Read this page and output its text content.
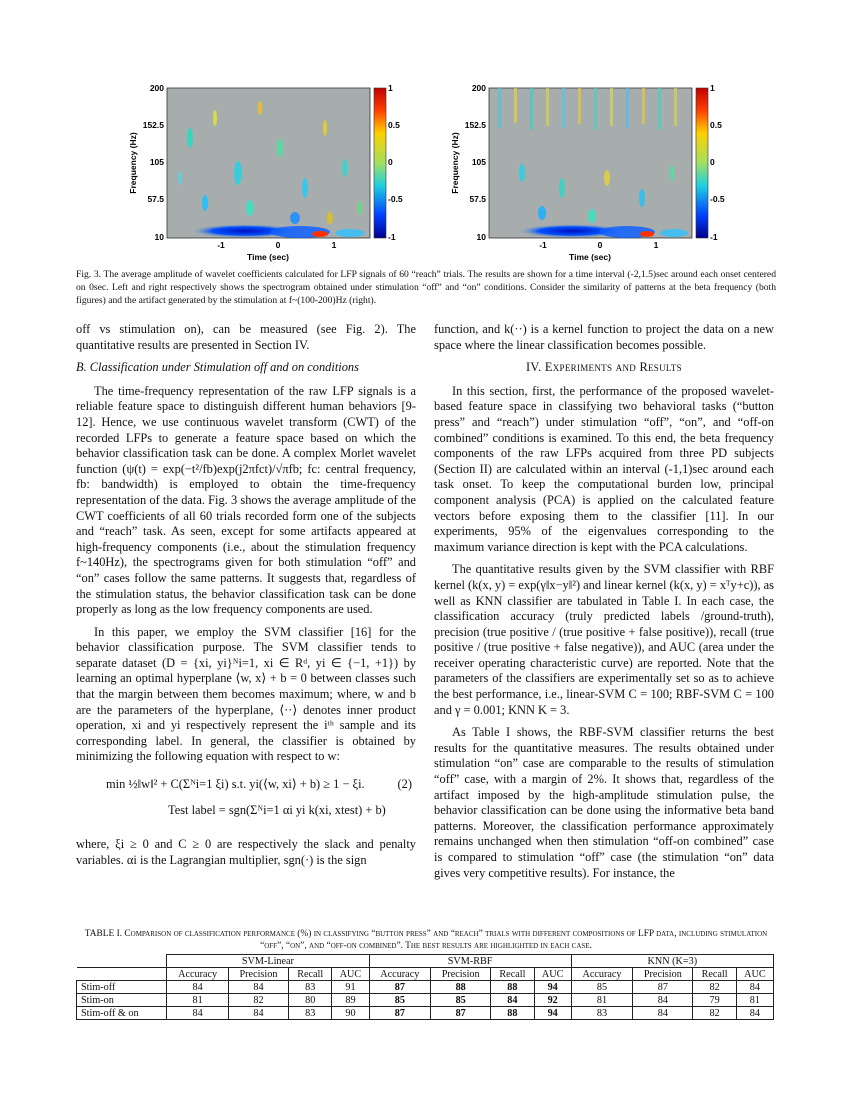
200
152.5
105
57.5
10
-1	0	1
Time (sec)
Frequency (Hz)
1
0.5
0
-0.5
-1
200
152.5
105
57.5
10
-1	0	1
Time (sec)
Frequency (Hz)
1
0.5
0
-0.5
-1
Fig. 3. The average amplitude of wavelet coefficients calculated for LFP signals of 60 “reach” trials. The results are shown for a time interval (-2,1.5)sec around each onset centered on 0sec. Left and right respectively shows the spectrogram obtained under stimulation “off” and “on” conditions. Consider the similarity of patterns at the beta frequency (both figures) and the artifact generated by the stimulation at f~(100-200)Hz (right).

off vs stimulation on), can be measured (see Fig. 2). The quantitative results are presented in Section IV.

B. Classification under Stimulation off and on conditions

The time-frequency representation of the raw LFP signals is a reliable feature space to distinguish different human behaviors [9-12]. Hence, we use continuous wavelet transform (CWT) of the recorded LFPs to generate a feature space based on which the behavior classification task can be done. A complex Morlet wavelet function (ψ(t) = exp(−t²/fb)exp(j2πfct)/√πfb; fc: central frequency, fb: bandwidth) is employed to obtain the time-frequency representation of the data. Fig. 3 shows the average amplitude of the CWT coefficients of all 60 trials recorded form one of the subjects and “reach” task. As seen, except for some artifacts appeared at high-frequency components (i.e., about the stimulation frequency f~140Hz), the spectrograms given for both stimulation “off” and “on” cases follow the same patterns. It suggests that, regardless of the stimulation status, the behavior classification task can be done properly as long as the low frequency components are used.

In this paper, we employ the SVM classifier [16] for the behavior classification purpose. The SVM classifier tends to separate dataset (D = {xi, yi}ᴺi=1, xi ∈ Rᵈ, yi ∈ {−1, +1}) by learning an optimal hyperplane ⟨w, x⟩ + b = 0 between classes such that the margin between them becomes maximum; where, w and b are the parameters of the hyperplane, ⟨··⟩ denotes inner product operation, xi and yi respectively represent the iᵗʰ sample and its corresponding label. In general, the classifier is obtained by minimizing the following equation with respect to w:

min ½‖w‖² + C(Σᴺi=1 ξi) s.t. yi(⟨w, xi⟩ + b) ≥ 1 − ξi.	(2)
Test label = sgn(Σᴺi=1 αi yi k(xi, xtest) + b)

where, ξi ≥ 0 and C ≥ 0 are respectively the slack and penalty variables. αi is the Lagrangian multiplier, sgn(·) is the sign

function, and k(··) is a kernel function to project the data on a new space where the linear classification becomes possible.

IV. Experiments and Results

In this section, first, the performance of the proposed wavelet-based feature space in classifying two behavioral tasks (“button press” and “reach”) under stimulation “off”, “on”, and “off-on combined” conditions is examined. To this end, the beta frequency components of the raw LFPs acquired from three PD subjects (Section II) are calculated within an interval (-1,1)sec around each task onset. To keep the computational burden low, principal component analysis (PCA) is applied on the calculated feature vectors before exposing them to the classifier [11]. In our experiments, 95% of the eigenvalues corresponding to the maximum variance direction is kept with the PCA calculations.

The quantitative results given by the SVM classifier with RBF kernel (k(x, y) = exp(γ‖x−y‖²) and linear kernel (k(x, y) = xᵀy+c)), as well as KNN classifier are tabulated in Table I. In each case, the classification accuracy (truly predicted labels /ground-truth), precision (true positive / (true positive + false positive)), recall (true positive / (true positive + false negative)), and AUC (area under the receiver operating characteristic curve) are reported. Note that the parameters of the classifiers are experimentally set so as to achieve the best performance, i.e., linear-SVM C = 100; RBF-SVM C = 100 and γ = 0.001; KNN K = 3.

As Table I shows, the RBF-SVM classifier returns the best results for the quantitative measures. The results obtained under stimulation “on” case are comparable to the results of stimulation “off” case, with a margin of 2%. It shows that, regardless of the artifact imposed by the high-amplitude stimulation pulse, the behavior classification can be done using the informative beta band patterns. Moreover, the classification performance approximately remains unchanged when then stimulation “off-on combined” case is compared to stimulation “off” case (the stimulation “on” data gives very competitive results). For instance, the

TABLE I. Comparison of classification performance (%) in classifying “button press” and “reach” trials with different compositions of LFP data, including stimulation “off”, “on”, and “off-on combined”. The best results are highlighted in each case.
	SVM-Linear				SVM-RBF				KNN (K=3)			
	Accuracy	Precision	Recall	AUC	Accuracy	Precision	Recall	AUC	Accuracy	Precision	Recall	AUC
Stim-off	84	84	83	91	87	88	88	94	85	87	82	84
Stim-on	81	82	80	89	85	85	84	92	81	84	79	81
Stim-off & on	84	84	83	90	87	87	88	94	83	84	82	84
